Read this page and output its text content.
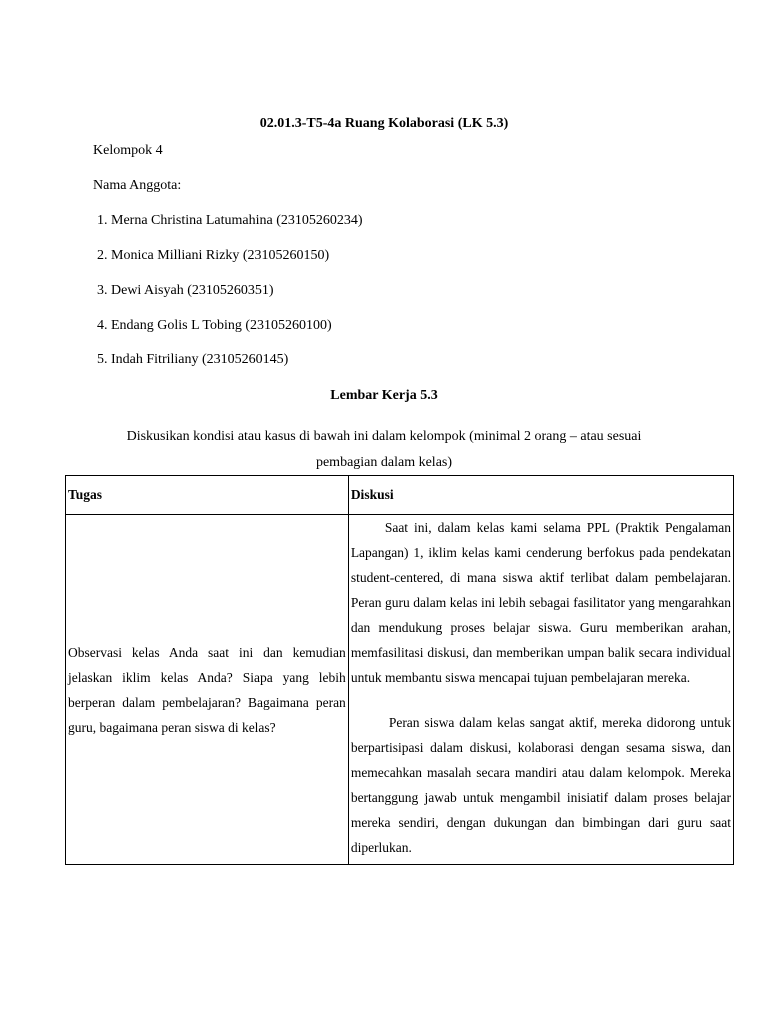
02.01.3-T5-4a Ruang Kolaborasi (LK 5.3)
Kelompok 4
Nama Anggota:
1. Merna Christina Latumahina (23105260234)
2. Monica Milliani Rizky (23105260150)
3. Dewi Aisyah (23105260351)
4. Endang Golis L Tobing (23105260100)
5. Indah Fitriliany (23105260145)
Lembar Kerja 5.3
Diskusikan kondisi atau kasus di bawah ini dalam kelompok (minimal 2 orang – atau sesuai
pembagian dalam kelas)
Tugas	Diskusi

Observasi kelas Anda saat ini dan kemudian jelaskan iklim kelas Anda? Siapa yang lebih berperan dalam pembelajaran? Bagaimana peran guru, bagaimana peran siswa di kelas?	Saat ini, dalam kelas kami selama PPL (Praktik Pengalaman Lapangan) 1, iklim kelas kami cenderung berfokus pada pendekatan student-centered, di mana siswa aktif terlibat dalam pembelajaran. Peran guru dalam kelas ini lebih sebagai fasilitator yang mengarahkan dan mendukung proses belajar siswa. Guru memberikan arahan, memfasilitasi diskusi, dan memberikan umpan balik secara individual untuk membantu siswa mencapai tujuan pembelajaran mereka.

Peran siswa dalam kelas sangat aktif, mereka didorong untuk berpartisipasi dalam diskusi, kolaborasi dengan sesama siswa, dan memecahkan masalah secara mandiri atau dalam kelompok. Mereka bertanggung jawab untuk mengambil inisiatif dalam proses belajar mereka sendiri, dengan dukungan dan bimbingan dari guru saat diperlukan.
